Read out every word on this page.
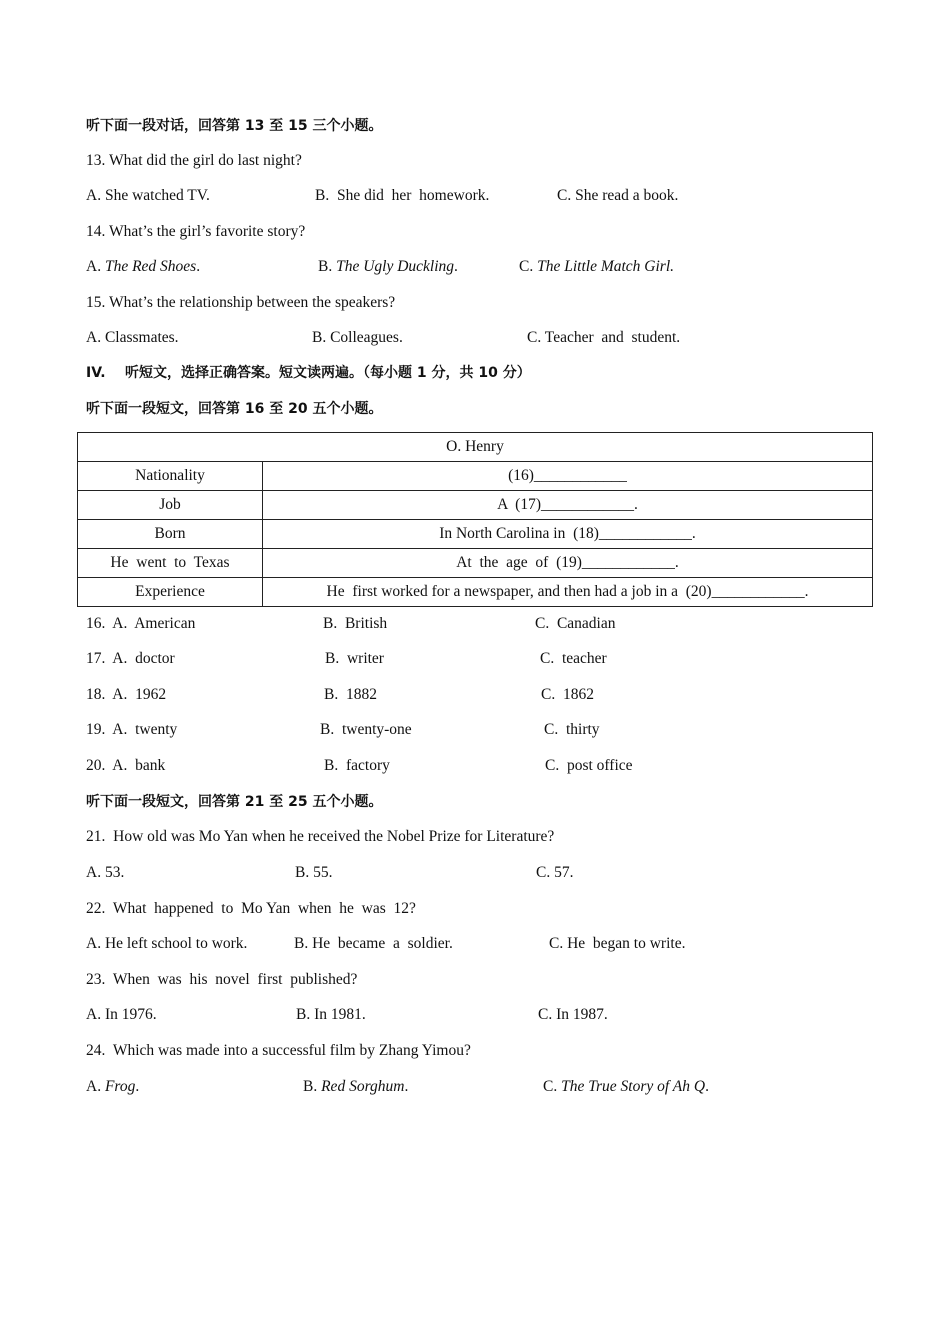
听下面一段对话，回答第 13 至 15 三个小题。
13. What did the girl do last night?
A. She watched TV.	B.  She did  her  homework.	C. She read a book.
14. What’s the girl’s favorite story?
A. The Red Shoes.	B. The Ugly Duckling.	C. The Little Match Girl.
15. What’s the relationship between the speakers?
A. Classmates.	B. Colleagues.	C. Teacher  and  student.
IV.    听短文，选择正确答案。短文读两遍。（每小题 1 分，共 10 分）
听下面一段短文，回答第 16 至 20 五个小题。
O. Henry	
Nationality	(16)____________
Job	A  (17)____________.
Born	In North Carolina in  (18)____________.
He  went  to  Texas	At  the  age  of  (19)____________.
Experience	He  first worked for a newspaper, and then had a job in a  (20)____________.
16.  A.  American	B.  British	C.  Canadian
17.  A.  doctor	B.  writer	C.  teacher
18.  A.  1962	B.  1882	C.  1862
19.  A.  twenty	B.  twenty-one	C.  thirty
20.  A.  bank	B.  factory	C.  post office
听下面一段短文，回答第 21 至 25 五个小题。
21.  How old was Mo Yan when he received the Nobel Prize for Literature?
A. 53.	B. 55.	C. 57.
22.  What  happened  to  Mo Yan  when  he  was  12?
A. He left school to work.	B. He  became  a  soldier.	C. He  began to write.
23.  When  was  his  novel  first  published?
A. In 1976.	B. In 1981.	C. In 1987.
24.  Which was made into a successful film by Zhang Yimou?
A. Frog.	B. Red Sorghum.	C. The True Story of Ah Q.
